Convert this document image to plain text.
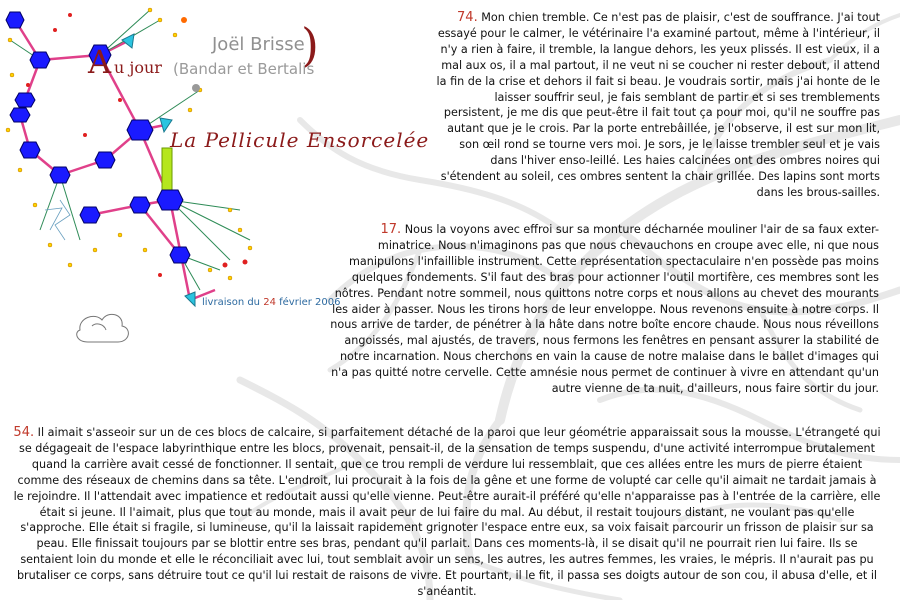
Joël Brisse
)
A u jour (Bandar et Bertalis
La Pellicule Ensorcelée
livraison du 24 février 2006
74. Mon chien tremble. Ce n'est pas de plaisir, c'est de souffrance. J'ai tout essayé pour le calmer, le vétérinaire l'a examiné partout, même à l'intérieur, il n'y a rien à faire, il tremble, la langue dehors, les yeux plissés. Il est vieux, il a mal aux os, il a mal partout, il ne veut ni se coucher ni rester debout, il attend la fin de la crise et dehors il fait si beau. Je voudrais sortir, mais j'ai honte de le laisser souffrir seul, je fais semblant de partir et si ses tremblements persistent, je me dis que peut-être il fait tout ça pour moi, qu'il ne souffre pas autant que je le crois. Par la porte entrebâillée, je l'observe, il est sur mon lit, son œil rond se tourne vers moi. Je sors, je le laisse trembler seul et je vais dans l'hiver enso-leillé. Les haies calcinées ont des ombres noires qui s'étendent au soleil, ces ombres sentent la chair grillée. Des lapins sont morts dans les brous-sailles.
17. Nous la voyons avec effroi sur sa monture décharnée mouliner l'air de sa faux exter-minatrice. Nous n'imaginons pas que nous chevauchons en croupe avec elle, ni que nous manipulons l'infaillible instrument. Cette représentation spectaculaire n'en possède pas moins quelques fondements. S'il faut des bras pour actionner l'outil mortifère, ces membres sont les nôtres. Pendant notre sommeil, nous quittons notre corps et nous allons au chevet des mourants les aider à passer. Nous les tirons hors de leur enveloppe. Nous revenons ensuite à notre corps. Il nous arrive de tarder, de pénétrer à la hâte dans notre boîte encore chaude. Nous nous réveillons angoissés, mal ajustés, de travers, nous fermons les fenêtres en pensant assurer la stabilité de notre incarnation. Nous cherchons en vain la cause de notre malaise dans le ballet d'images qui n'a pas quitté notre cervelle. Cette amnésie nous permet de continuer à vivre en attendant qu'un autre vienne de ta nuit, d'ailleurs, nous faire sortir du jour.
54. Il aimait s'asseoir sur un de ces blocs de calcaire, si parfaitement détaché de la paroi que leur géométrie apparaissait sous la mousse. L'étrangeté qui se dégageait de l'espace labyrinthique entre les blocs, provenait, pensait-il, de la sensation de temps suspendu, d'une activité interrompue brutalement quand la carrière avait cessé de fonctionner. Il sentait, que ce trou rempli de verdure lui ressemblait, que ces allées entre les murs de pierre étaient comme des réseaux de chemins dans sa tête. L'endroit, lui procurait à la fois de la gêne et une forme de volupté car celle qu'il aimait ne tardait jamais à le rejoindre. Il l'attendait avec impatience et redoutait aussi qu'elle vienne. Peut-être aurait-il préféré qu'elle n'apparaisse pas à l'entrée de la carrière, elle était si jeune. Il l'aimait, plus que tout au monde, mais il avait peur de lui faire du mal. Au début, il restait toujours distant, ne voulant pas qu'elle s'approche. Elle était si fragile, si lumineuse, qu'il la laissait rapidement grignoter l'espace entre eux, sa voix faisait parcourir un frisson de plaisir sur sa peau. Elle finissait toujours par se blottir entre ses bras, pendant qu'il parlait. Dans ces moments-là, il se disait qu'il ne pourrait rien lui faire. Ils se sentaient loin du monde et elle le réconciliait avec lui, tout semblait avoir un sens, les autres, les autres femmes, les vraies, le mépris. Il n'aurait pas pu brutaliser ce corps, sans détruire tout ce qu'il lui restait de raisons de vivre. Et pourtant, il le fit, il passa ses doigts autour de son cou, il abusa d'elle, et il s'anéantit.
